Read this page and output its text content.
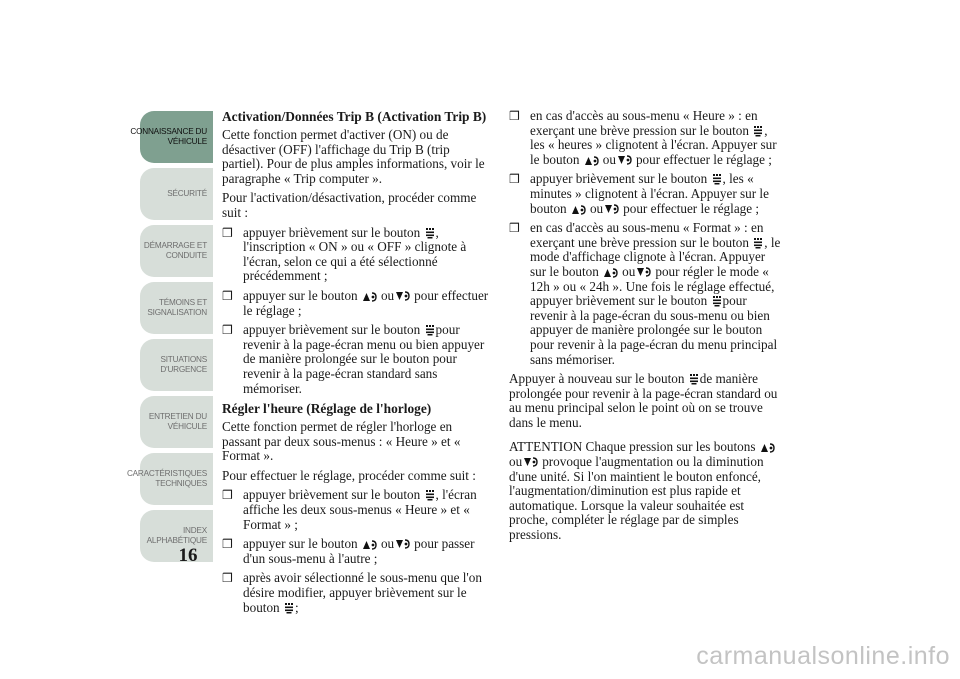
CONNAISSANCE DU
VÉHICULE
SÉCURITÉ
DÉMARRAGE ET
CONDUITE
TÉMOINS ET
SIGNALISATION
SITUATIONS
D'URGENCE
ENTRETIEN DU
VÉHICULE
CARACTÉRISTIQUES
TECHNIQUES
INDEX
ALPHABÉTIQUE
16
Activation/Données Trip B (Activation Trip B)

Cette fonction permet d'activer (ON) ou de désactiver (OFF) l'affichage du Trip B (trip partiel). Pour de plus amples informations, voir le paragraphe « Trip computer ».

Pour l'activation/désactivation, procéder comme suit :

❒ appuyer brièvement sur le bouton , l'inscription « ON » ou « OFF » clignote à l'écran, selon ce qui a été sélectionné précédemment ;
❒ appuyer sur le bouton ou pour effectuer le réglage ;
❒ appuyer brièvement sur le bouton pour revenir à la page-écran menu ou bien appuyer de manière prolongée sur le bouton pour revenir à la page-écran standard sans mémoriser.
Régler l'heure (Réglage de l'horloge)

Cette fonction permet de régler l'horloge en passant par deux sous-menus : « Heure » et « Format ».

Pour effectuer le réglage, procéder comme suit :

❒ appuyer brièvement sur le bouton , l'écran affiche les deux sous-menus « Heure » et « Format » ;
❒ appuyer sur le bouton ou pour passer d'un sous-menu à l'autre ;
❒ après avoir sélectionné le sous-menu que l'on désire modifier, appuyer brièvement sur le bouton ;
❒ en cas d'accès au sous-menu « Heure » : en exerçant une brève pression sur le bouton , les « heures » clignotent à l'écran. Appuyer sur le bouton ou pour effectuer le réglage ;
❒ appuyer brièvement sur le bouton , les « minutes » clignotent à l'écran. Appuyer sur le bouton ou pour effectuer le réglage ;
❒ en cas d'accès au sous-menu « Format » : en exerçant une brève pression sur le bouton , le mode d'affichage clignote à l'écran. Appuyer sur le bouton ou pour régler le mode « 12h » ou « 24h ». Une fois le réglage effectué, appuyer brièvement sur le bouton pour revenir à la page-écran du sous-menu ou bien appuyer de manière prolongée sur le bouton pour revenir à la page-écran du menu principal sans mémoriser.

Appuyer à nouveau sur le bouton de manière prolongée pour revenir à la page-écran standard ou au menu principal selon le point où on se trouve dans le menu.

ATTENTION Chaque pression sur les boutons ou provoque l'augmentation ou la diminution d'une unité. Si l'on maintient le bouton enfoncé, l'augmentation/diminution est plus rapide et automatique. Lorsque la valeur souhaitée est proche, compléter le réglage par de simples pressions.

carmanualsonline.info
